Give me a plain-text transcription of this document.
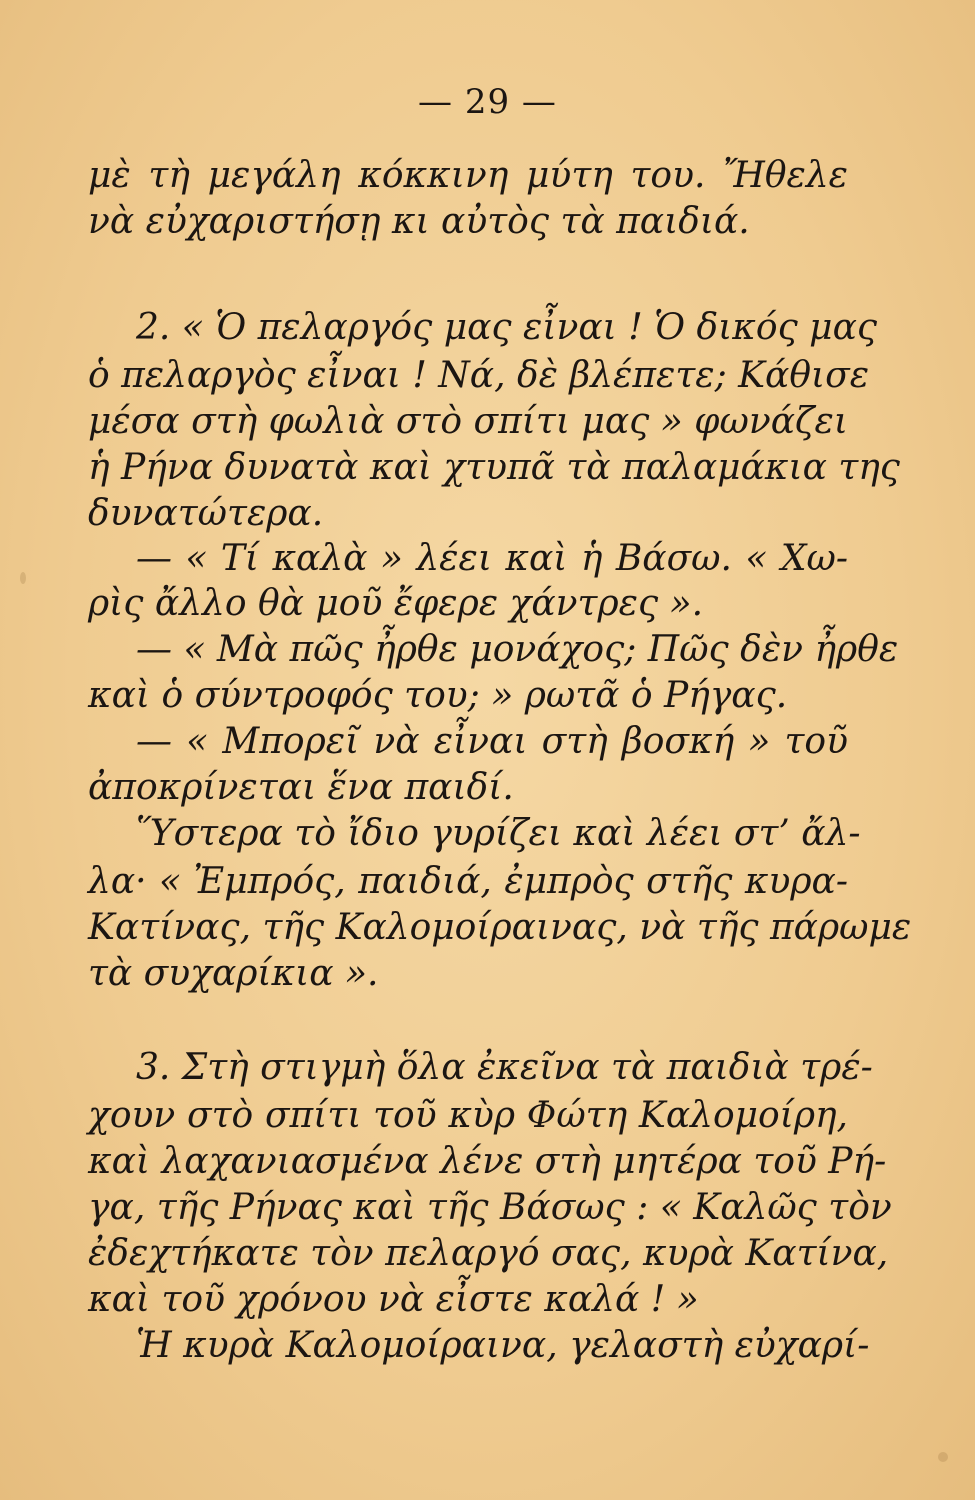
— 29 —
μὲ τὴ μεγάλη κόκκινη μύτη του. Ἤθελε
νὰ εὐχαριστήσῃ κι αὐτὸς τὰ παιδιά.
2. « Ὁ πελαργός μας εἶναι ! Ὁ δικός μας
ὁ πελαργὸς εἶναι ! Νά, δὲ βλέπετε; Κάθισε
μέσα στὴ φωλιὰ στὸ σπίτι μας » φωνάζει
ἡ Ρήνα δυνατὰ καὶ χτυπᾶ τὰ παλαμάκια της
δυνατώτερα.
— « Τί καλὰ » λέει καὶ ἡ Βάσω. « Χω-
ρὶς ἄλλο θὰ μοῦ ἔφερε χάντρες ».
— « Μὰ πῶς ἦρθε μονάχος; Πῶς δὲν ἦρθε
καὶ ὁ σύντροφός του; » ρωτᾶ ὁ Ρήγας.
— « Μπορεῖ νὰ εἶναι στὴ βοσκή » τοῦ
ἀποκρίνεται ἕνα παιδί.
Ὕστερα τὸ ἴδιο γυρίζει καὶ λέει στ’ ἄλ-
λα· « Ἐμπρός, παιδιά, ἐμπρὸς στῆς κυρα-
Κατίνας, τῆς Καλομοίραινας, νὰ τῆς πάρωμε
τὰ συχαρίκια ».
3. Στὴ στιγμὴ ὅλα ἐκεῖνα τὰ παιδιὰ τρέ-
χουν στὸ σπίτι τοῦ κὺρ Φώτη Καλομοίρη,
καὶ λαχανιασμένα λένε στὴ μητέρα τοῦ Ρή-
γα, τῆς Ρήνας καὶ τῆς Βάσως : « Καλῶς τὸν
ἐδεχτήκατε τὸν πελαργό σας, κυρὰ Κατίνα,
καὶ τοῦ χρόνου νὰ εἶστε καλά ! »
Ἡ κυρὰ Καλομοίραινα, γελαστὴ εὐχαρί-
